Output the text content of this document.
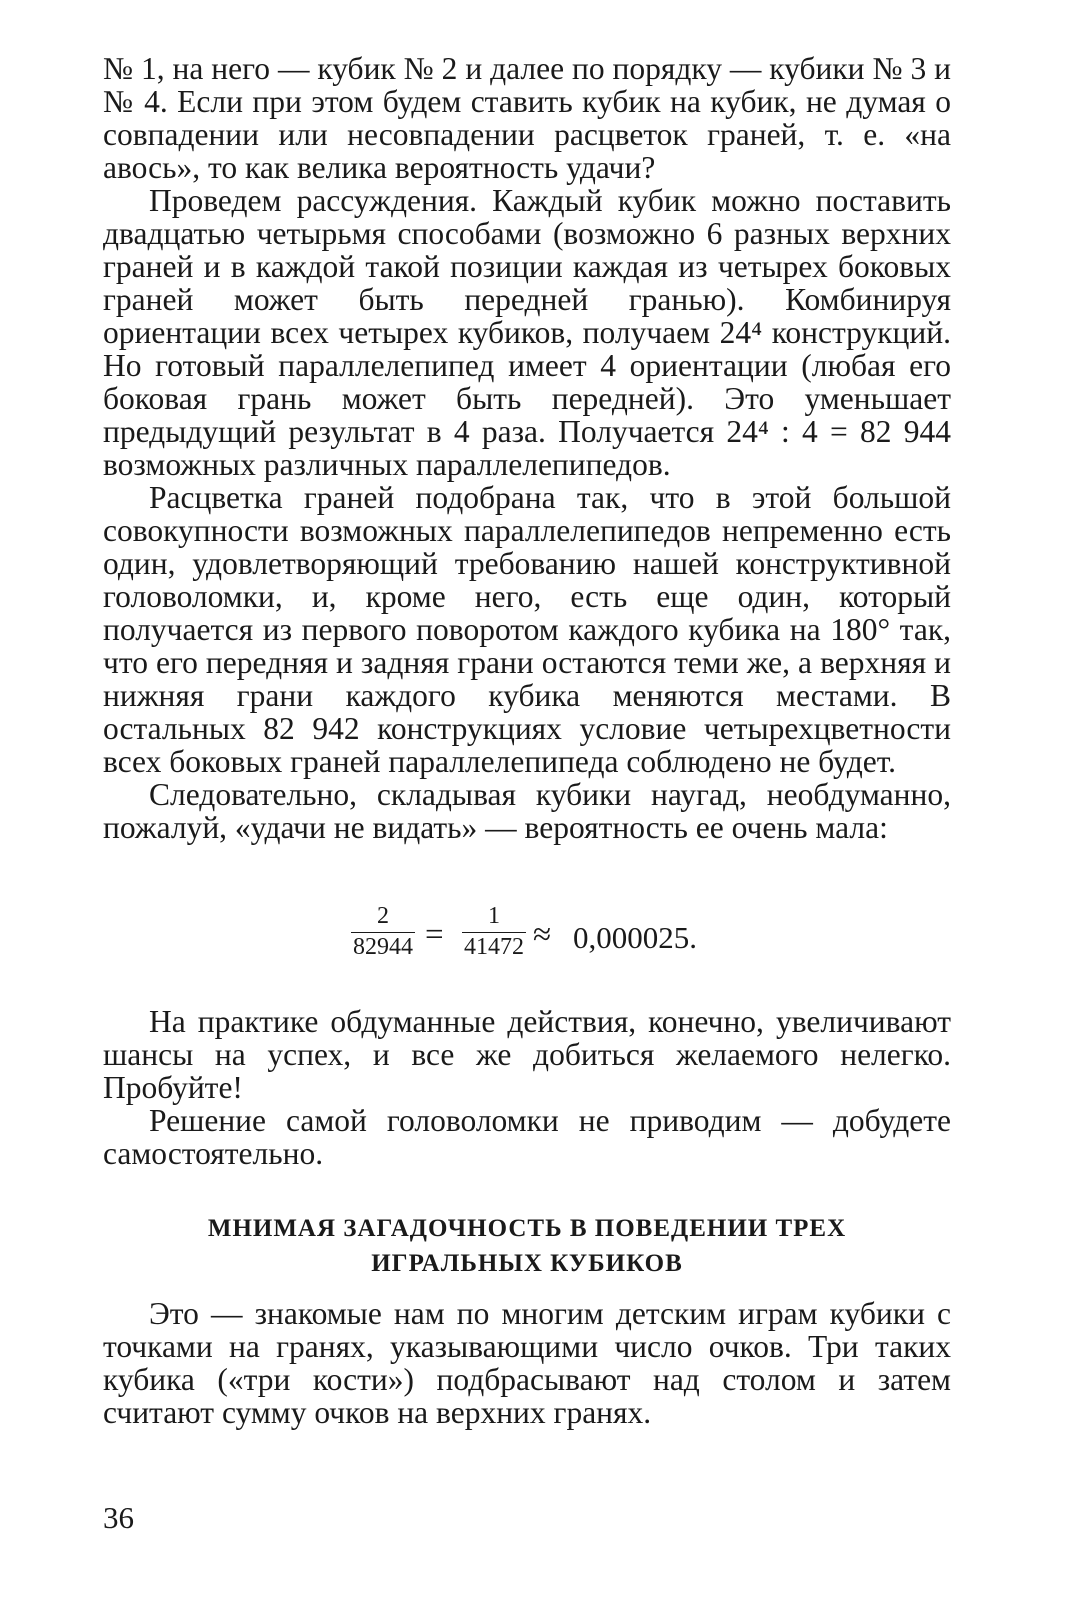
№ 1, на него — кубик № 2 и далее по порядку — кубики № 3 и № 4. Если при этом будем ставить кубик на кубик, не думая о совпадении или несовпадении расцветок граней, т. е. «на авось», то как велика вероятность удачи?

Проведем рассуждения. Каждый кубик можно поставить двадцатью четырьмя способами (возможно 6 разных верхних граней и в каждой такой позиции каждая из четырех боковых граней может быть передней гранью). Комбинируя ориентации всех четырех кубиков, получаем 24⁴ конструкций. Но готовый параллелепипед имеет 4 ориентации (любая его боковая грань может быть передней). Это уменьшает предыдущий результат в 4 раза. Получается 24⁴ : 4 = 82 944 возможных различных параллелепипедов.

Расцветка граней подобрана так, что в этой большой совокупности возможных параллелепипедов непременно есть один, удовлетворяющий требованию нашей конструктивной головоломки, и, кроме него, есть еще один, который получается из первого поворотом каждого кубика на 180° так, что его передняя и задняя грани остаются теми же, а верхняя и нижняя грани каждого кубика меняются местами. В остальных 82 942 конструкциях условие четырехцветности всех боковых граней параллелепипеда соблюдено не будет.

Следовательно, складывая кубики наугад, необдуманно, пожалуй, «удачи не видать» — вероятность ее очень мала:

2
82944 =
1
41472 ≈ 0,000025.

На практике обдуманные действия, конечно, увеличивают шансы на успех, и все же добиться желаемого нелегко. Пробуйте!

Решение самой головоломки не приводим — добудете самостоятельно.

МНИМАЯ ЗАГАДОЧНОСТЬ В ПОВЕДЕНИИ ТРЕХ
ИГРАЛЬНЫХ КУБИКОВ

Это — знакомые нам по многим детским играм кубики с точками на гранях, указывающими число очков. Три таких кубика («три кости») подбрасывают над столом и затем считают сумму очков на верхних гранях.

36
